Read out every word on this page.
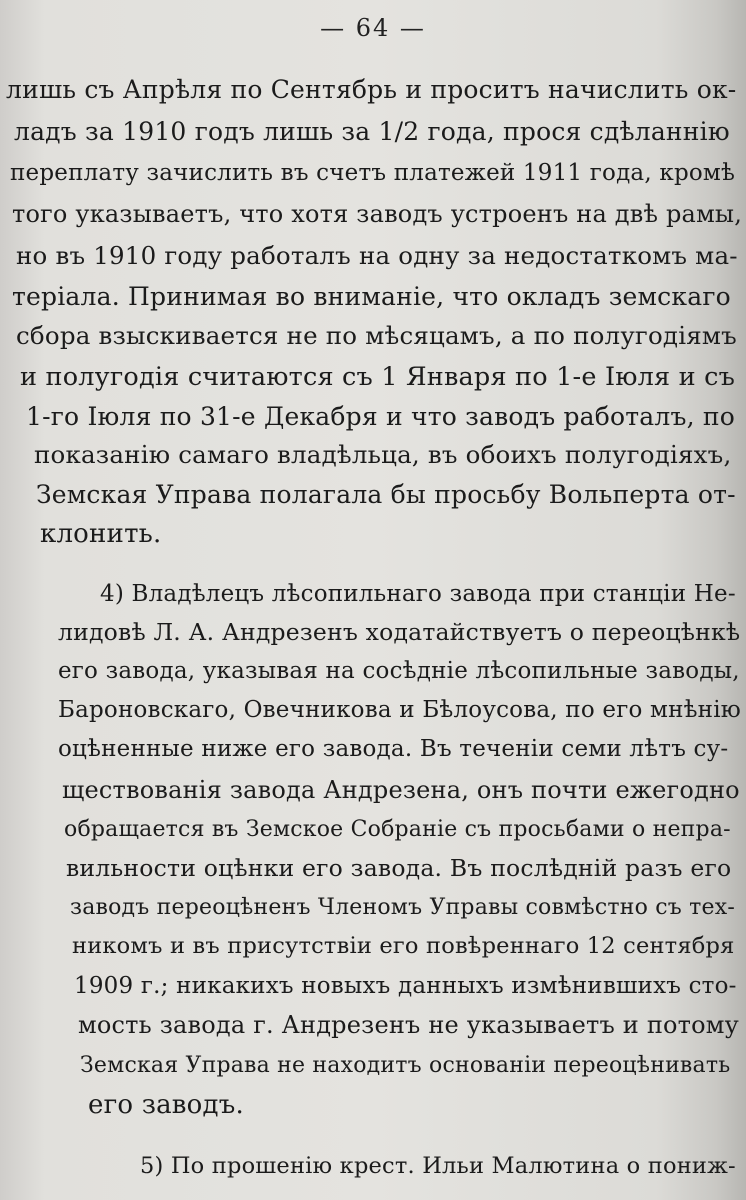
— 64 —
лишь съ Апрѣля по Сентябрь и проситъ начислить ок-
ладъ за 1910 годъ лишь за 1/2 года, прося сдѣланнію
переплату зачислить въ счетъ платежей 1911 года, кромѣ
того указываетъ, что хотя заводъ устроенъ на двѣ рамы,
но въ 1910 году работалъ на одну за недостаткомъ ма-
теріала. Принимая во вниманіе, что окладъ земскаго
сбора взыскивается не по мѣсяцамъ, а по полугодіямъ
и полугодія считаются съ 1 Января по 1-е Іюля и съ
1-го Іюля по 31-е Декабря и что заводъ работалъ, по
показанію самаго владѣльца, въ обоихъ полугодіяхъ,
Земская Управа полагала бы просьбу Вольперта от-
клонить.
4) Владѣлецъ лѣсопильнаго завода при станціи Не-
лидовѣ Л. А. Андрезенъ ходатайствуетъ о переоцѣнкѣ
его завода, указывая на сосѣдніе лѣсопильные заводы,
Бароновскаго, Овечникова и Бѣлоусова, по его мнѣнію
оцѣненные ниже его завода. Въ теченіи семи лѣтъ су-
ществованія завода Андрезена, онъ почти ежегодно
обращается въ Земское Собраніе съ просьбами о непра-
вильности оцѣнки его завода. Въ послѣдній разъ его
заводъ переоцѣненъ Членомъ Управы совмѣстно съ тех-
никомъ и въ присутствіи его повѣреннаго 12 сентября
1909 г.; никакихъ новыхъ данныхъ измѣнившихъ сто-
мость завода г. Андрезенъ не указываетъ и потому
Земская Управа не находитъ основаніи переоцѣнивать
его заводъ.
5) По прошенію крест. Ильи Малютина о пониж-
